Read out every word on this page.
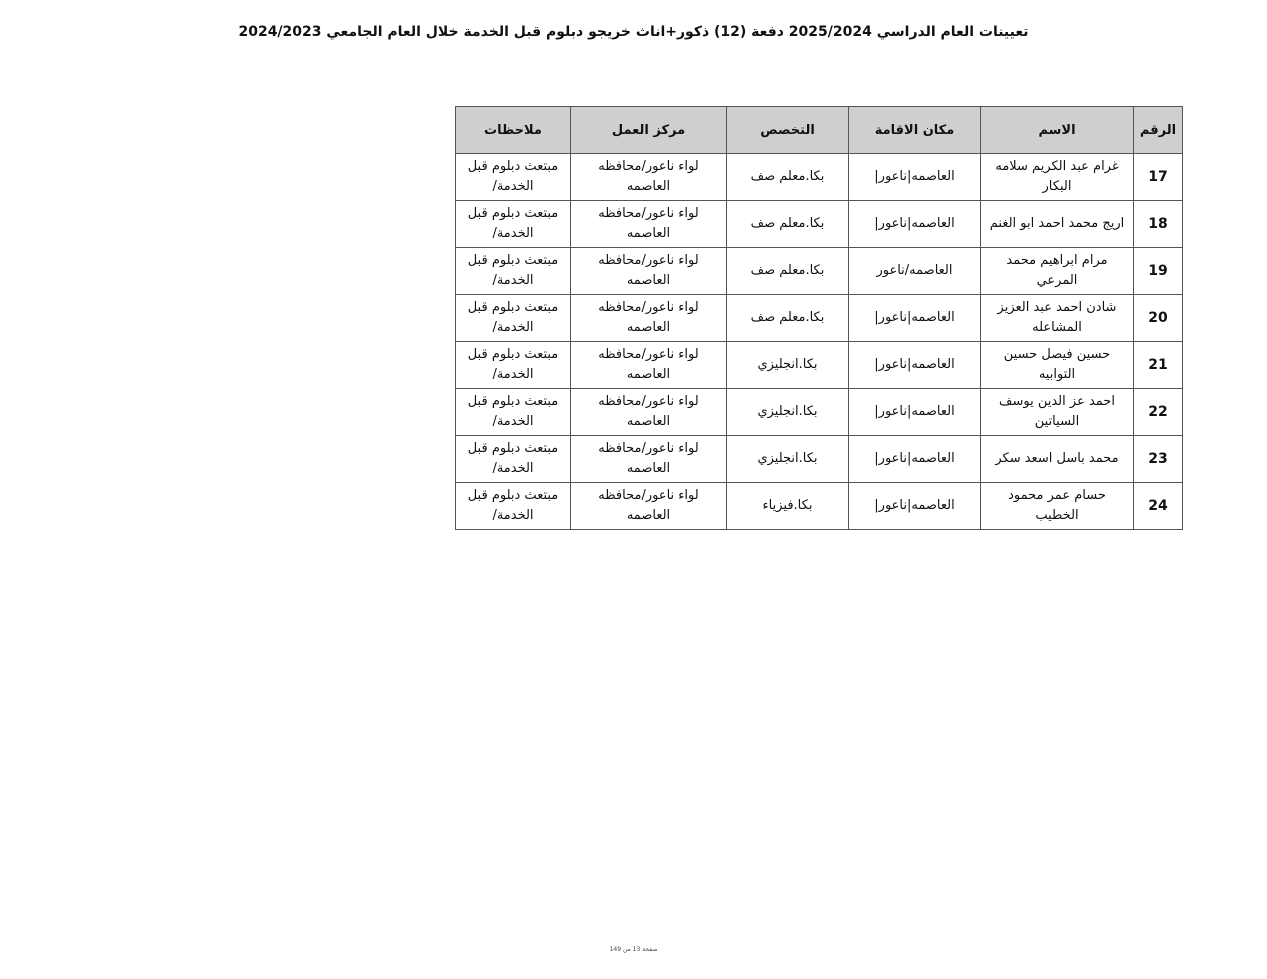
تعيينات العام الدراسي 2025/2024 دفعة (12) ذكور+اناث خريجو دبلوم قبل الخدمة خلال العام الجامعي 2024/2023
الرقم	الاسم	مكان الاقامة	التخصص	مركز العمل	ملاحظات
17	غرام عبد الكريم سلامه البكار	العاصمه|ناعور|	بكا.معلم صف	لواء ناعور/محافظه العاصمه	مبتعث دبلوم قبل الخدمة/
18	اريج محمد احمد ابو الغنم	العاصمه|ناعور|	بكا.معلم صف	لواء ناعور/محافظه العاصمه	مبتعث دبلوم قبل الخدمة/
19	مرام ابراهيم محمد المرعي	العاصمه/ناعور	بكا.معلم صف	لواء ناعور/محافظه العاصمه	مبتعث دبلوم قبل الخدمة/
20	شادن احمد عبد العزيز المشاعله	العاصمه|ناعور|	بكا.معلم صف	لواء ناعور/محافظه العاصمه	مبتعث دبلوم قبل الخدمة/
21	حسين فيصل حسين التوابيه	العاصمه|ناعور|	بكا.انجليزي	لواء ناعور/محافظه العاصمه	مبتعث دبلوم قبل الخدمة/
22	احمد عز الدين يوسف السياتين	العاصمه|ناعور|	بكا.انجليزي	لواء ناعور/محافظه العاصمه	مبتعث دبلوم قبل الخدمة/
23	محمد باسل اسعد سكر	العاصمه|ناعور|	بكا.انجليزي	لواء ناعور/محافظه العاصمه	مبتعث دبلوم قبل الخدمة/
24	حسام عمر محمود الخطيب	العاصمه|ناعور|	بكا.فيزياء	لواء ناعور/محافظه العاصمه	مبتعث دبلوم قبل الخدمة/
صفحة 13 من 149
